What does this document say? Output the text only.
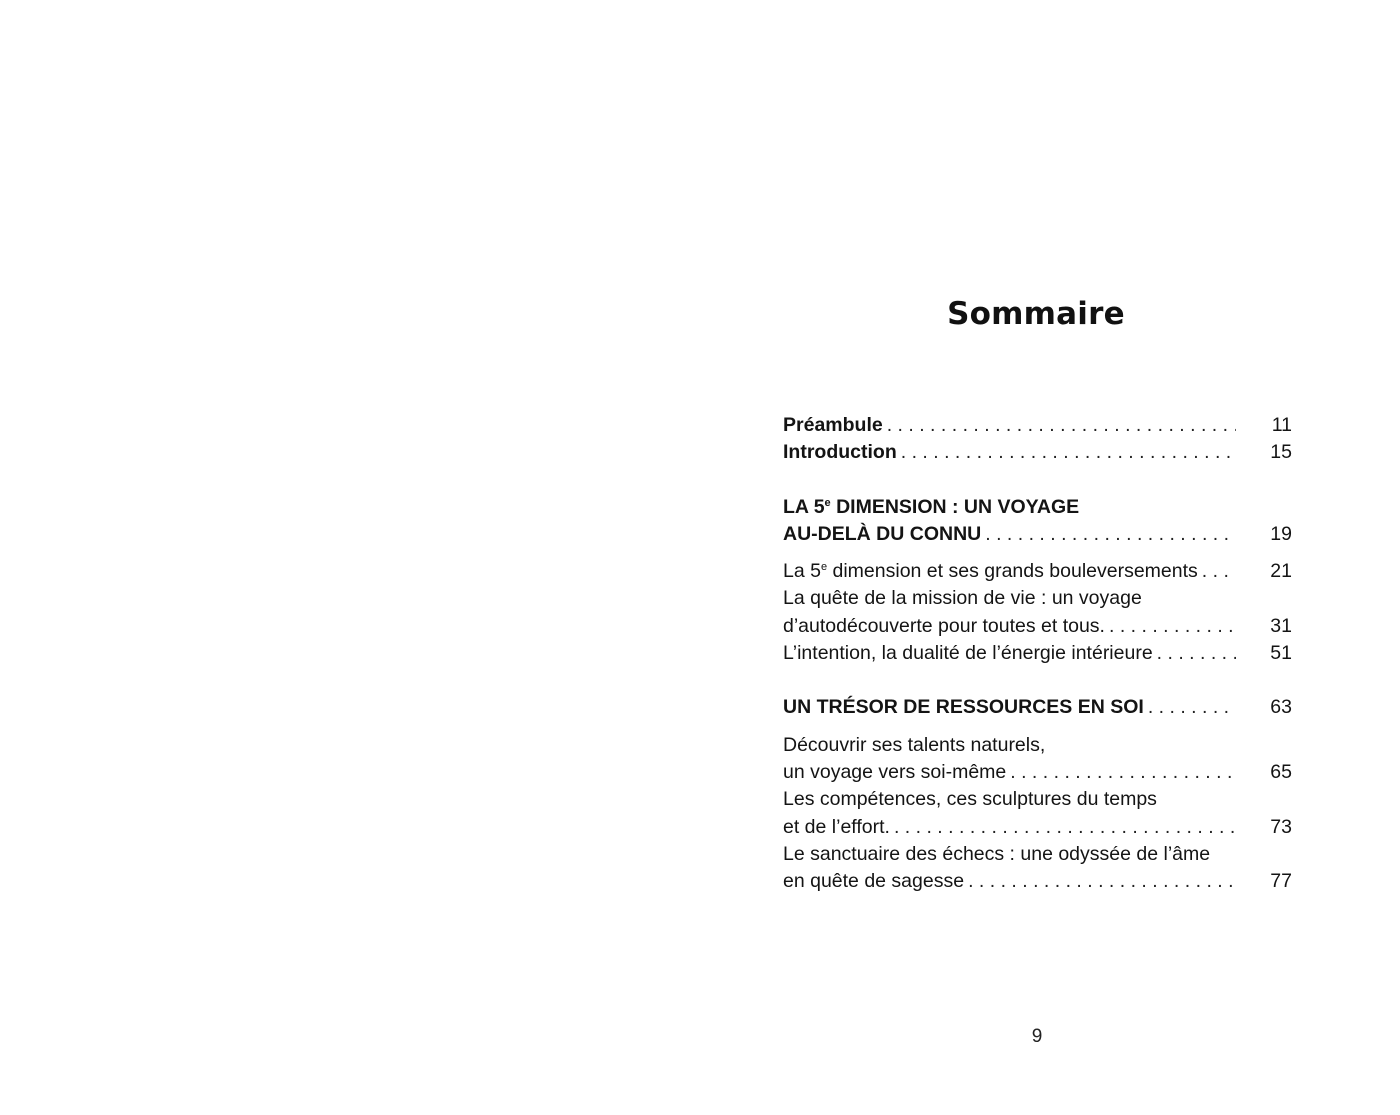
Sommaire
Préambule . . .	11
Introduction . . .	15
LA 5e DIMENSION : UN VOYAGE
AU-DELÀ DU CONNU . . .	19
La 5e dimension et ses grands bouleversements . . .	21
La quête de la mission de vie : un voyage
d’autodécouverte pour toutes et tous. . . .	31
L’intention, la dualité de l’énergie intérieure . . .	51
UN TRÉSOR DE RESSOURCES EN SOI . . .	63
Découvrir ses talents naturels,
un voyage vers soi-même . . .	65
Les compétences, ces sculptures du temps
et de l’effort. . . .	73
Le sanctuaire des échecs : une odyssée de l’âme
en quête de sagesse . . .	77
9
